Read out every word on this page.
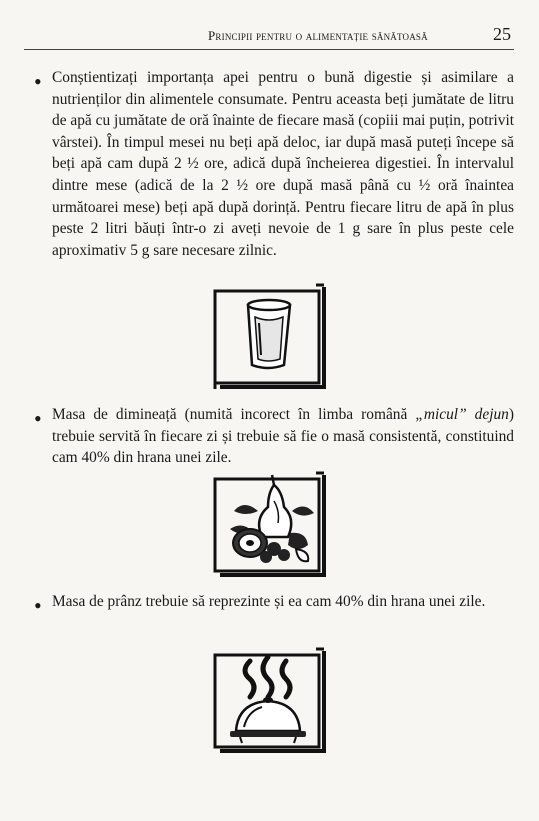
Principii pentru o alimentație sănătoasă	25
• Conștientizați importanța apei pentru o bună digestie și asimilare a nutrienților din alimentele consumate. Pentru aceasta beți jumătate de litru de apă cu jumătate de oră înainte de fiecare masă (copiii mai puțin, potrivit vârstei). În timpul mesei nu beți apă deloc, iar după masă puteți începe să beți apă cam după 2 ½ ore, adică după încheierea digestiei. În intervalul dintre mese (adică de la 2 ½ ore după masă până cu ½ oră înaintea următoarei mese) beți apă după dorință. Pentru fiecare litru de apă în plus peste 2 litri băuți într-o zi aveți nevoie de 1 g sare în plus peste cele aproximativ 5 g sare necesare zilnic.

• Masa de dimineață (numită incorect în limba română „micul” dejun) trebuie servită în fiecare zi și trebuie să fie o masă consistentă, constituind cam 40% din hrana unei zile.

• Masa de prânz trebuie să reprezinte și ea cam 40% din hrana unei zile.
